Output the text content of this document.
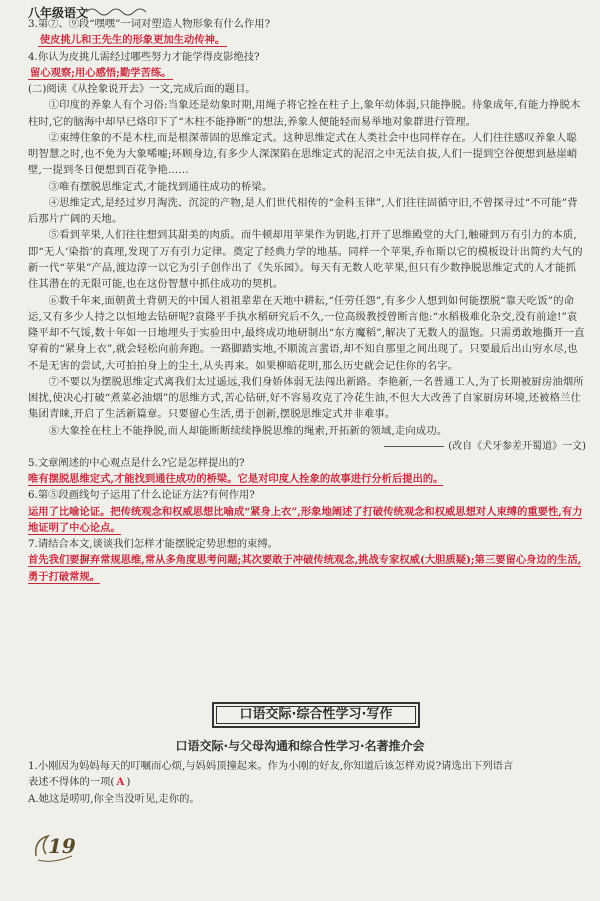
八年级语文

3.第⑦、⑨段“嘿嘿”一词对塑造人物形象有什么作用?

使皮挑儿和王先生的形象更加生动传神。

4.你认为皮挑儿需经过哪些努力才能学得皮影绝技?

留心观察;用心感悟;勤学苦练。

(二)阅读《从拴象说开去》一文,完成后面的题目。

①印度的养象人有个习俗:当象还是幼象时期,用绳子将它拴在柱子上,象年幼体弱,只能挣脱。待象成年,有能力挣脱木柱时,它的脑海中却早已烙印下了“木柱不能挣断”的想法,养象人便能轻而易举地对象群进行管理。

②束缚住象的不是木柱,而是根深蒂固的思维定式。这种思维定式在人类社会中也同样存在。人们往往感叹养象人聪明智慧之时,也不免为大象唏嘘;环顾身边,有多少人深深陷在思维定式的泥沼之中无法自拔,人们一提到空谷便想到悬崖峭壁,一提到冬日便想到百花争艳……

③唯有摆脱思维定式,才能找到通往成功的桥梁。

④思维定式,是经过岁月淘洗、沉淀的产物,是人们世代相传的“金科玉律”,人们往往固循守旧,不曾探寻过“不可能”背后那片广阔的天地。

⑤看到苹果,人们往往想到其甜美的肉质。而牛顿却用苹果作为钥匙,打开了思维殿堂的大门,触碰到万有引力的本质,即“无人‘染指’的真理,发现了万有引力定律。奠定了经典力学的地基。同样一个苹果,乔布斯以它的模板设计出简约大气的新一代“苹果”产品,渡边淳一以它为引子创作出了《失乐园》。每天有无数人吃苹果,但只有少数挣脱思维定式的人才能抓住其潜在的无限可能,也在这份智慧中抓住成功的契机。

⑥数千年来,面朝黄土背朝天的中国人祖祖辈辈在天地中耕耘,“任劳任怨”,有多少人想到如何能摆脱“靠天吃饭”的命运,又有多少人持之以恒地去钻研呢?袁隆平手执水稻研究后不久,一位高级教授曾断言他:“水稻极难化杂交,没有前途!”袁隆平却不气馁,数十年如一日地埋头于实验田中,最终成功地研制出“东方魔稻”,解决了无数人的温饱。只需勇敢地撕开一直穿着的“紧身上衣”,就会轻松向前奔跑。一路脚踏实地,不顺流言蜚语,却不知自那里之间出现了。只要最后出山穷水尽,也不是无害的尝试,大可拍拍身上的尘土,从头再来。如果柳暗花明,那么历史就会记住你的名字。

⑦不要以为摆脱思维定式离我们太过遥远,我们身娇体弱无法闯出新路。李艳新,一名普通工人,为了长期被厨房油烟所困扰,使决心打破“煮菜必油烟”的思维方式,苦心钻研,好不容易攻克了冷花生油,不但大大改善了自家厨房环境,还被格兰仕集团青睐,开启了生活新篇章。只要留心生活,勇于创新,摆脱思维定式并非难事。

⑧大象拴在柱上不能挣脱,而人却能断断续续挣脱思维的绳索,开拓新的领域,走向成功。

(改自《犬牙参差开蜀道》一文)

5.文章阐述的中心观点是什么?它是怎样提出的?

唯有摆脱思维定式,才能找到通往成功的桥梁。它是对印度人拴象的故事进行分析后提出的。

6.第⑤段画线句子运用了什么论证方法?有何作用?

运用了比喻论证。把传统观念和权威思想比喻成“紧身上衣”,形象地阐述了打破传统观念和权威思想对人束缚的重要性,有力地证明了中心论点。

7.请结合本文,谈谈我们怎样才能摆脱定势思想的束缚。

首先我们要摒弃常规思维,常从多角度思考问题;其次要敢于冲破传统观念,挑战专家权威(大胆质疑);第三要留心身边的生活,勇于打破常规。

口语交际·综合性学习·写作
口语交际·与父母沟通和综合性学习·名著推介会

1.小刚因为妈妈每天的叮嘱而心烦,与妈妈顶撞起来。作为小刚的好友,你知道后该怎样劝说?请选出下列语言

表述不得体的一项( A )

A.她这是唠叨,你全当没听见,走你的。

19
